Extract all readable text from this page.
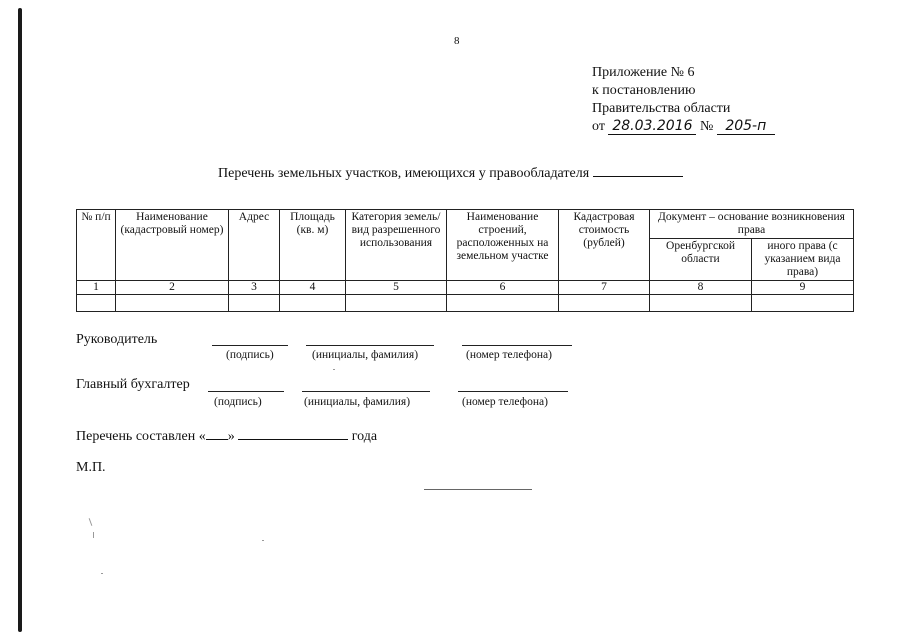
8
Приложение № 6
к постановлению
Правительства области
от 28.03.2016 № 205-п
Перечень земельных участков, имеющихся у правообладателя
№ п/п	Наименование (кадастровый номер)	Адрес	Площадь (кв. м)	Категория земель/вид разрешенного использования	Наименование строений, расположенных на земельном участке	Кадастровая стоимость (рублей)	Документ – основание возникновения права	
							Оренбургской области	иного права (с указанием вида права)
1	2	3	4	5	6	7	8	9

Руководитель
(подпись)	(инициалы, фамилия)	(номер телефона)
Главный бухгалтер
(подпись)	(инициалы, фамилия)	(номер телефона)
Перечень составлен « »	года
М.П.
